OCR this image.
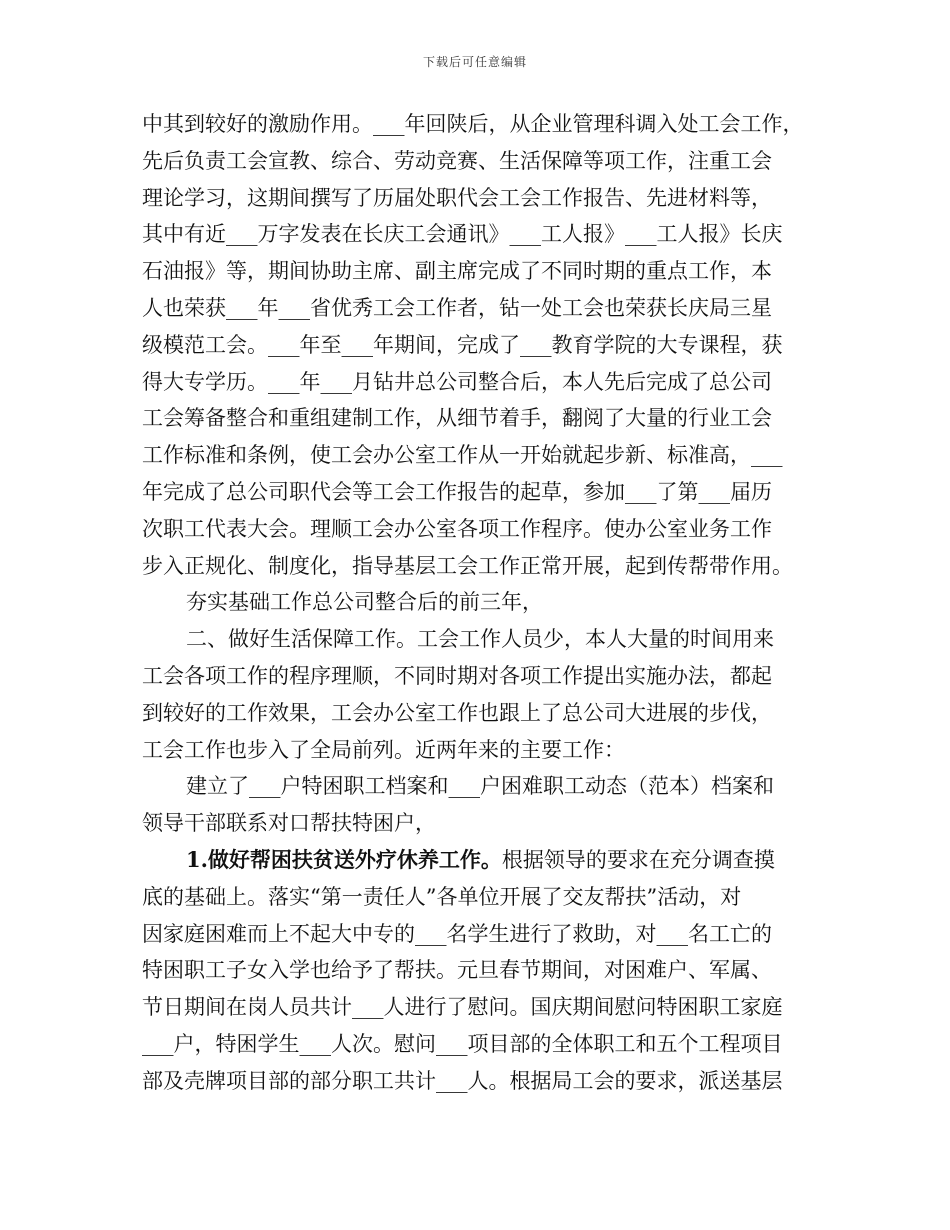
下载后可任意编辑
中其到较好的激励作用。___年回陕后，从企业管理科调入处工会工作，
先后负责工会宣教、综合、劳动竞赛、生活保障等项工作，注重工会
理论学习，这期间撰写了历届处职代会工会工作报告、先进材料等，
其中有近___万字发表在长庆工会通讯》___工人报》___工人报》长庆
石油报》等，期间协助主席、副主席完成了不同时期的重点工作，本
人也荣获___年___省优秀工会工作者，钻一处工会也荣获长庆局三星
级模范工会。___年至___年期间，完成了___教育学院的大专课程，获
得大专学历。___年___月钻井总公司整合后，本人先后完成了总公司
工会筹备整合和重组建制工作，从细节着手，翻阅了大量的行业工会
工作标准和条例，使工会办公室工作从一开始就起步新、标准高，___
年完成了总公司职代会等工会工作报告的起草，参加___了第___届历
次职工代表大会。理顺工会办公室各项工作程序。使办公室业务工作
步入正规化、制度化，指导基层工会工作正常开展，起到传帮带作用。
夯实基础工作总公司整合后的前三年，
二、做好生活保障工作。工会工作人员少，本人大量的时间用来
工会各项工作的程序理顺，不同时期对各项工作提出实施办法，都起
到较好的工作效果，工会办公室工作也跟上了总公司大进展的步伐，
工会工作也步入了全局前列。近两年来的主要工作：
建立了___户特困职工档案和___户困难职工动态（范本）档案和
领导干部联系对口帮扶特困户，
1.做好帮困扶贫送外疗休养工作。根据领导的要求在充分调查摸
底的基础上。落实“第一责任人”各单位开展了交友帮扶”活动，对
因家庭困难而上不起大中专的___名学生进行了救助，对___名工亡的
特困职工子女入学也给予了帮扶。元旦春节期间，对困难户、军属、
节日期间在岗人员共计___人进行了慰问。国庆期间慰问特困职工家庭
___户，特困学生___人次。慰问___项目部的全体职工和五个工程项目
部及壳牌项目部的部分职工共计___人。根据局工会的要求，派送基层
